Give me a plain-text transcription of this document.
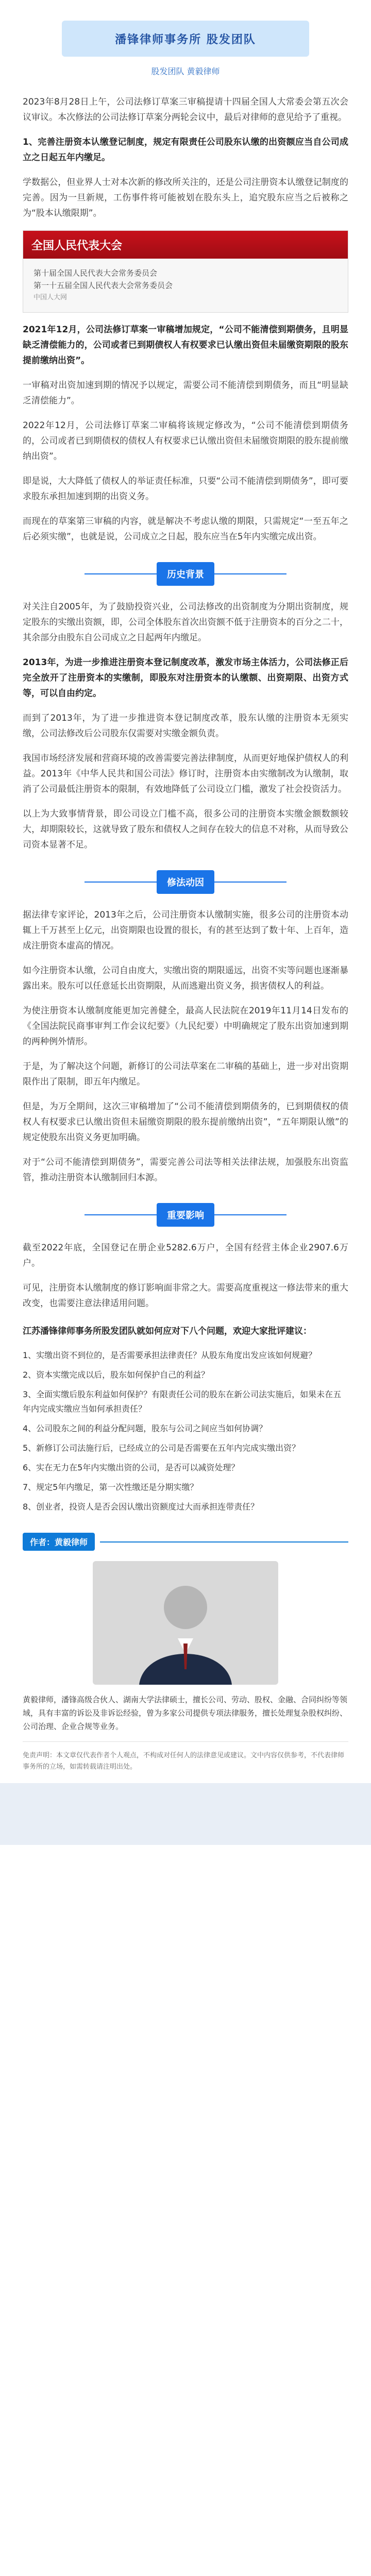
潘锋律师事务所 股发团队
股发团队 黄毅律师

2023年8月28日上午，公司法修订草案三审稿提请十四届全国人大常委会第五次会议审议。本次修法的公司法修订草案分两轮会议中，最后对律师的意见给予了重视。

1、完善注册资本认缴登记制度，规定有限责任公司股东认缴的出资额应当自公司成立之日起五年内缴足。

学数据公，但业界人士对本次新的修改所关注的，还是公司注册资本认缴登记制度的完善。因为一旦新规，工伤事件将可能被划在股东头上，追究股东应当之后被称之为“股本认缴限期”。

全国人民代表大会
第十届全国人民代表大会常务委员会
第一十五届全国人民代表大会常务委员会
中国人大网

2021年12月，公司法修订草案一审稿增加规定，“公司不能清偿到期债务，且明显缺乏清偿能力的，公司或者已到期债权人有权要求已认缴出资但未届缴资期限的股东提前缴纳出资”。

一审稿对出资加速到期的情况予以规定，需要公司不能清偿到期债务，而且“明显缺乏清偿能力”。

2022年12月，公司法修订草案二审稿将该规定修改为，“公司不能清偿到期债务的，公司或者已到期债权的债权人有权要求已认缴出资但未届缴资期限的股东提前缴纳出资”。

即是说，大大降低了债权人的举证责任标准，只要“公司不能清偿到期债务”，即可要求股东承担加速到期的出资义务。

而现在的草案第三审稿的内容，就是解决不考虑认缴的期限，只需规定“一至五年之后必须实缴”，也就是说，公司成立之日起，股东应当在5年内实缴完成出资。

历史背景

对关注自2005年，为了鼓励投资兴业，公司法修改的出资制度为分期出资制度，规定股东的实缴出资额，即，公司全体股东首次出资额不低于注册资本的百分之二十，其余部分由股东自公司成立之日起两年内缴足。

2013年，为进一步推进注册资本登记制度改革，激发市场主体活力，公司法修正后完全放开了注册资本的实缴制，即股东对注册资本的认缴额、出资期限、出资方式等，可以自由约定。

而到了2013年，为了进一步推进资本登记制度改革，股东认缴的注册资本无须实缴，公司法修改后公司股东仅需要对实缴金额负责。

我国市场经济发展和营商环境的改善需要完善法律制度，从而更好地保护债权人的利益。2013年《中华人民共和国公司法》修订时，注册资本由实缴制改为认缴制，取消了公司最低注册资本的限制，有效地降低了公司设立门槛，激发了社会投资活力。

以上为大致事情背景，即公司设立门槛不高，很多公司的注册资本实缴金额数额较大，却期限较长，这就导致了股东和债权人之间存在较大的信息不对称，从而导致公司资本显著不足。

修法动因

据法律专家评论，2013年之后，公司注册资本认缴制实施，很多公司的注册资本动辄上千万甚至上亿元，出资期限也设置的很长，有的甚至达到了数十年、上百年，造成注册资本虚高的情况。

如今注册资本认缴，公司自由度大，实缴出资的期限遥远，出资不实等问题也逐渐暴露出来。股东可以任意延长出资期限，从而逃避出资义务，损害债权人的利益。

为使注册资本认缴制度能更加完善健全，最高人民法院在2019年11月14日发布的《全国法院民商事审判工作会议纪要》（九民纪要）中明确规定了股东出资加速到期的两种例外情形。

于是，为了解决这个问题，新修订的公司法草案在二审稿的基础上，进一步对出资期限作出了限制，即五年内缴足。

但是，为万全期间，这次三审稿增加了“公司不能清偿到期债务的，已到期债权的债权人有权要求已认缴出资但未届缴资期限的股东提前缴纳出资”，“五年期限认缴”的规定使股东出资义务更加明确。

对于“公司不能清偿到期债务”，需要完善公司法等相关法律法规，加强股东出资监管，推动注册资本认缴制回归本源。

重要影响

截至2022年底，全国登记在册企业5282.6万户，全国有经营主体企业2907.6万户。

可见，注册资本认缴制度的修订影响面非常之大。需要高度重视这一修法带来的重大改变，也需要注意法律适用问题。

江苏潘锋律师事务所股发团队就如何应对下八个问题，欢迎大家批评建议：

1、实缴出资不到位的，是否需要承担法律责任？从股东角度出发应该如何规避？

2、资本实缴完成以后，股东如何保护自己的利益？

3、全面实缴后股东利益如何保护？有限责任公司的股东在新公司法实施后，如果未在五年内完成实缴应当如何承担责任？

4、公司股东之间的利益分配问题，股东与公司之间应当如何协调？

5、新修订公司法施行后，已经成立的公司是否需要在五年内完成实缴出资？

6、实在无力在5年内实缴出资的公司，是否可以减资处理？

7、规定5年内缴足，第一次性缴还是分期实缴？

8、创业者，投资人是否会因认缴出资额度过大而承担连带责任？

作者：黄毅律师

黄毅律师，潘锋高级合伙人、湖南大学法律硕士，擅长公司、劳动、股权、金融、合同纠纷等领域，具有丰富的诉讼及非诉讼经验，曾为多家公司提供专项法律服务，擅长处理复杂股权纠纷、公司治理、企业合规等业务。

免责声明：本文章仅代表作者个人观点，不构成对任何人的法律意见或建议。文中内容仅供参考，不代表律师事务所的立场，如需转载请注明出处。
